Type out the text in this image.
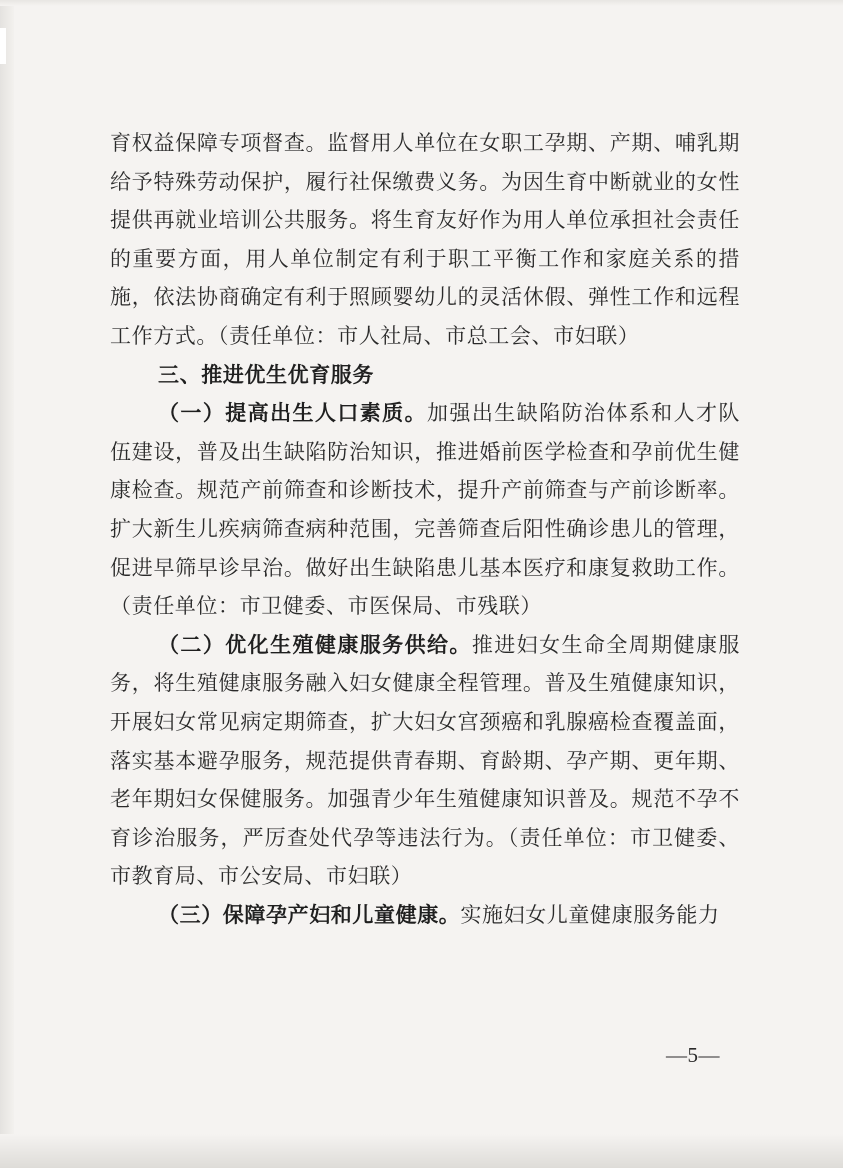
育权益保障专项督查。监督用人单位在女职工孕期、产期、哺乳期给予特殊劳动保护，履行社保缴费义务。为因生育中断就业的女性提供再就业培训公共服务。将生育友好作为用人单位承担社会责任的重要方面，用人单位制定有利于职工平衡工作和家庭关系的措施，依法协商确定有利于照顾婴幼儿的灵活休假、弹性工作和远程工作方式。（责任单位：市人社局、市总工会、市妇联）

三、推进优生优育服务

（一）提高出生人口素质。加强出生缺陷防治体系和人才队伍建设，普及出生缺陷防治知识，推进婚前医学检查和孕前优生健康检查。规范产前筛查和诊断技术，提升产前筛查与产前诊断率。扩大新生儿疾病筛查病种范围，完善筛查后阳性确诊患儿的管理，促进早筛早诊早治。做好出生缺陷患儿基本医疗和康复救助工作。（责任单位：市卫健委、市医保局、市残联）

（二）优化生殖健康服务供给。推进妇女生命全周期健康服务，将生殖健康服务融入妇女健康全程管理。普及生殖健康知识，开展妇女常见病定期筛查，扩大妇女宫颈癌和乳腺癌检查覆盖面，落实基本避孕服务，规范提供青春期、育龄期、孕产期、更年期、老年期妇女保健服务。加强青少年生殖健康知识普及。规范不孕不育诊治服务，严厉查处代孕等违法行为。（责任单位：市卫健委、市教育局、市公安局、市妇联）

（三）保障孕产妇和儿童健康。实施妇女儿童健康服务能力

—5—
